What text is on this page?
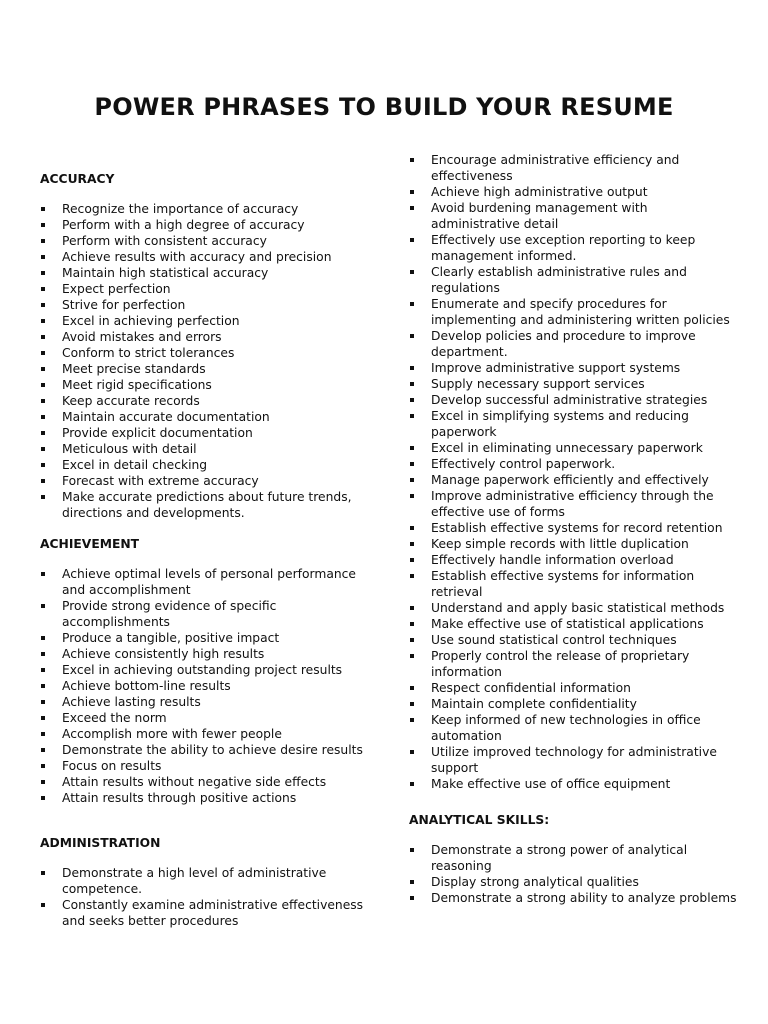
POWER PHRASES TO BUILD YOUR RESUME
ACCURACY
Recognize the importance of accuracy
Perform with a high degree of accuracy
Perform with consistent accuracy
Achieve results with accuracy and precision
Maintain high statistical accuracy
Expect perfection
Strive for perfection
Excel in achieving perfection
Avoid mistakes and errors
Conform to strict tolerances
Meet precise standards
Meet rigid specifications
Keep accurate records
Maintain accurate documentation
Provide explicit documentation
Meticulous with detail
Excel in detail checking
Forecast with extreme accuracy
Make accurate predictions about future trends, directions and developments.
ACHIEVEMENT
Achieve optimal levels of personal performance and accomplishment
Provide strong evidence of specific accomplishments
Produce a tangible, positive impact
Achieve consistently high results
Excel in achieving outstanding project results
Achieve bottom-line results
Achieve lasting results
Exceed the norm
Accomplish more with fewer people
Demonstrate the ability to achieve desire results
Focus on results
Attain results without negative side effects
Attain results through positive actions
ADMINISTRATION
Demonstrate a high level of administrative competence.
Constantly examine administrative effectiveness and seeks better procedures
Encourage administrative efficiency and effectiveness
Achieve high administrative output
Avoid burdening management with administrative detail
Effectively use exception reporting to keep management informed.
Clearly establish administrative rules and regulations
Enumerate and specify procedures for implementing and administering written policies
Develop policies and procedure to improve department.
Improve administrative support systems
Supply necessary support services
Develop successful administrative strategies
Excel in simplifying systems and reducing paperwork
Excel in eliminating unnecessary paperwork
Effectively control paperwork.
Manage paperwork efficiently and effectively
Improve administrative efficiency through the effective use of forms
Establish effective systems for record retention
Keep simple records with little duplication
Effectively handle information overload
Establish effective systems for information retrieval
Understand and apply basic statistical methods
Make effective use of statistical applications
Use sound statistical control techniques
Properly control the release of proprietary information
Respect confidential information
Maintain complete confidentiality
Keep informed of new technologies in office automation
Utilize improved technology for administrative support
Make effective use of office equipment
ANALYTICAL SKILLS:
Demonstrate a strong power of analytical reasoning
Display strong analytical qualities
Demonstrate a strong ability to analyze problems
